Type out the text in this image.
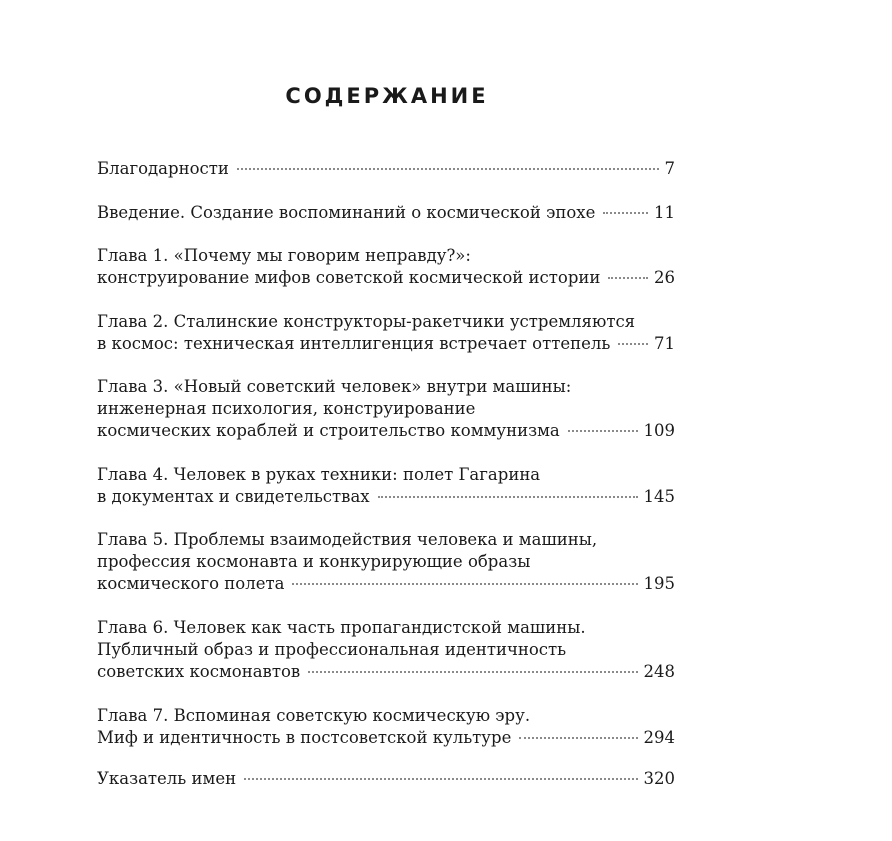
СОДЕРЖАНИЕ
Благодарности	7
Введение. Создание воспоминаний о космической эпохе	11
Глава 1. «Почему мы говорим неправду?»:
конструирование мифов советской космической истории	26
Глава 2. Сталинские конструкторы-ракетчики устремляются
в космос: техническая интеллигенция встречает оттепель	71
Глава 3. «Новый советский человек» внутри машины:
инженерная психология, конструирование
космических кораблей и строительство коммунизма	109
Глава 4. Человек в руках техники: полет Гагарина
в документах и свидетельствах	145
Глава 5. Проблемы взаимодействия человека и машины,
профессия космонавта и конкурирующие образы
космического полета	195
Глава 6. Человек как часть пропагандистской машины.
Публичный образ и профессиональная идентичность
советских космонавтов	248
Глава 7. Вспоминая советскую космическую эру.
Миф и идентичность в постсоветской культуре	294
Указатель имен	320
